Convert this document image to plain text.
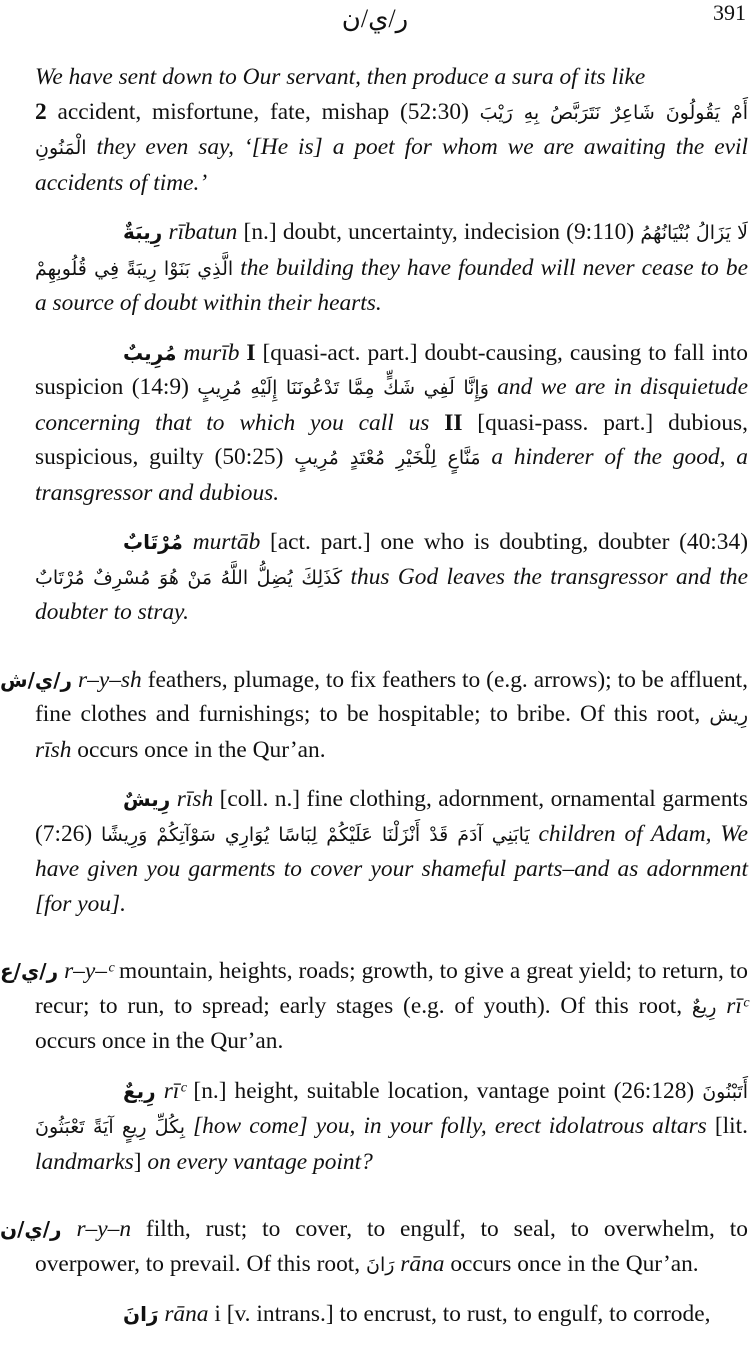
ر/ي/ن	391

We have sent down to Our servant, then produce a sura of its like
2 accident, misfortune, fate, mishap (52:30) أَمْ يَقُولُونَ شَاعِرٌ نَتَرَبَّصُ بِهِ رَيْبَ الْمَنُونِ they even say, ‘[He is] a poet for whom we are awaiting the evil accidents of time.’

رِيبَةٌ rībatun [n.] doubt, uncertainty, indecision (9:110) لَا يَزَالُ بُنْيَانُهُمُ الَّذِي بَنَوْا رِيبَةً فِي قُلُوبِهِمْ the building they have founded will never cease to be a source of doubt within their hearts.

مُرِيبٌ murīb I [quasi-act. part.] doubt-causing, causing to fall into suspicion (14:9) وَإِنَّا لَفِي شَكٍّ مِمَّا تَدْعُونَنَا إِلَيْهِ مُرِيبٍ and we are in disquietude concerning that to which you call us II [quasi-pass. part.] dubious, suspicious, guilty (50:25) مَنَّاعٍ لِلْخَيْرِ مُعْتَدٍ مُرِيبٍ a hinderer of the good, a transgressor and dubious.

مُرْتَابٌ murtāb [act. part.] one who is doubting, doubter (40:34) كَذَلِكَ يُضِلُّ اللَّهُ مَنْ هُوَ مُسْرِفٌ مُرْتَابٌ thus God leaves the transgressor and the doubter to stray.

ر/ي/ش r–y–sh feathers, plumage, to fix feathers to (e.g. arrows); to be affluent, fine clothes and furnishings; to be hospitable; to bribe. Of this root, رِيش rīsh occurs once in the Qur’an.

رِيشٌ rīsh [coll. n.] fine clothing, adornment, ornamental garments (7:26) يَابَنِي آدَمَ قَدْ أَنْزَلْنَا عَلَيْكُمْ لِبَاسًا يُوَارِي سَوْآتِكُمْ وَرِيشًا children of Adam, We have given you garments to cover your shameful parts–and as adornment [for you].

ر/ي/ع r–y–ᶜ mountain, heights, roads; growth, to give a great yield; to return, to recur; to run, to spread; early stages (e.g. of youth). Of this root, رِيعٌ rīᶜ occurs once in the Qur’an.

رِيعٌ rīᶜ [n.] height, suitable location, vantage point (26:128) أَتَبْنُونَ بِكُلِّ رِيعٍ آيَةً تَعْبَثُونَ [how come] you, in your folly, erect idolatrous altars [lit. landmarks] on every vantage point?

ر/ي/ن r–y–n filth, rust; to cover, to engulf, to seal, to overwhelm, to overpower, to prevail. Of this root, رَانَ rāna occurs once in the Qur’an.

رَانَ rāna i [v. intrans.] to encrust, to rust, to engulf, to corrode,
